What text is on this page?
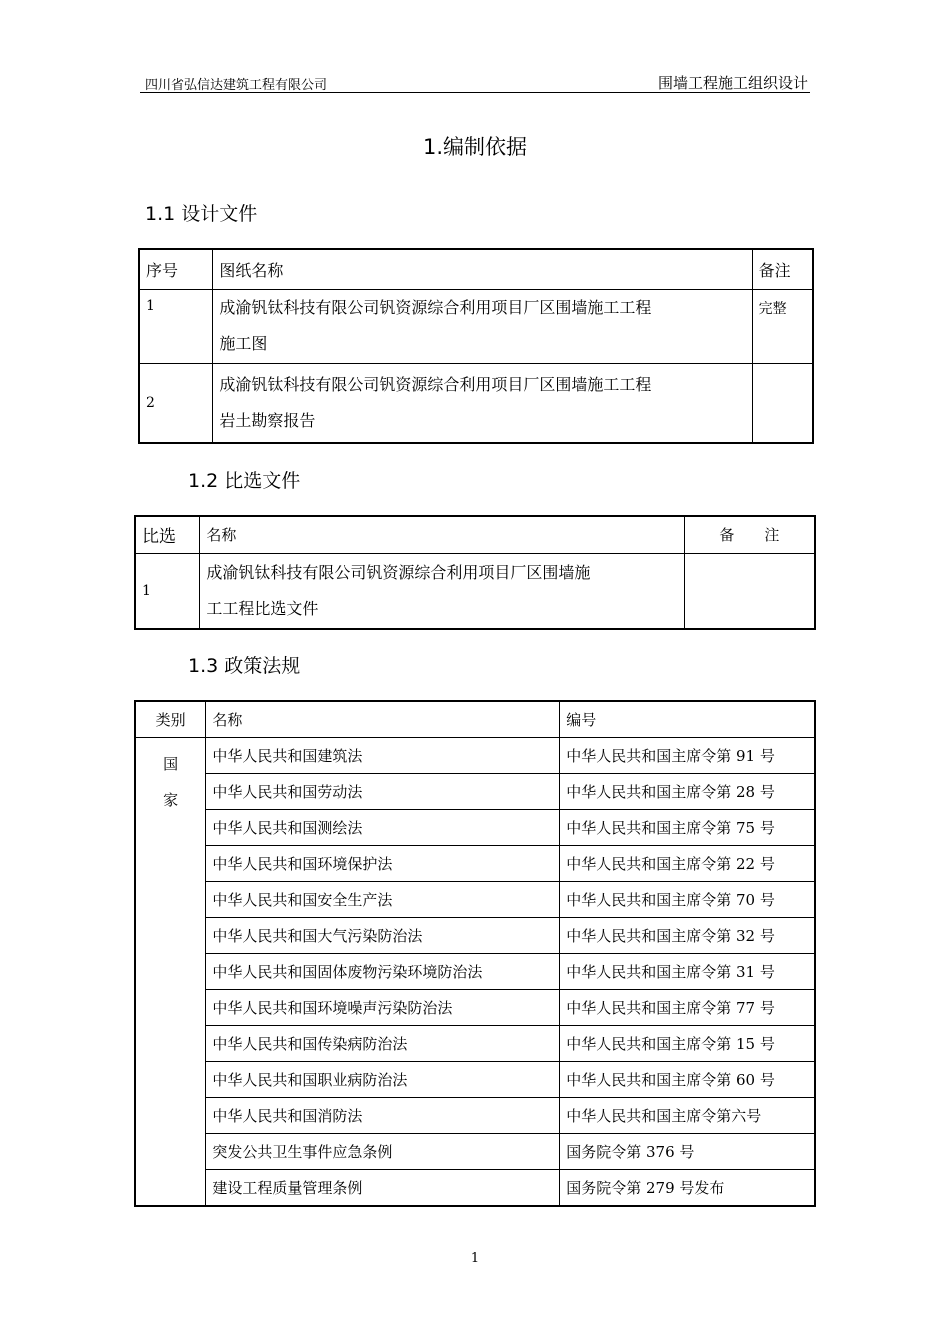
四川省弘信达建筑工程有限公司	围墙工程施工组织设计
1.编制依据
1.1 设计文件
序号	图纸名称	备注
1	成渝钒钛科技有限公司钒资源综合利用项目厂区围墙施工工程
施工图	完整
2	成渝钒钛科技有限公司钒资源综合利用项目厂区围墙施工工程
岩土勘察报告	

1.2 比选文件
比选	名称	备　　注
1	成渝钒钛科技有限公司钒资源综合利用项目厂区围墙施
工工程比选文件	

1.3 政策法规
类别	名称	编号

国
家	中华人民共和国建筑法	中华人民共和国主席令第 91 号
	中华人民共和国劳动法	中华人民共和国主席令第 28 号
	中华人民共和国测绘法	中华人民共和国主席令第 75 号
	中华人民共和国环境保护法	中华人民共和国主席令第 22 号
	中华人民共和国安全生产法	中华人民共和国主席令第 70 号
	中华人民共和国大气污染防治法	中华人民共和国主席令第 32 号
	中华人民共和国固体废物污染环境防治法	中华人民共和国主席令第 31 号
	中华人民共和国环境噪声污染防治法	中华人民共和国主席令第 77 号
	中华人民共和国传染病防治法	中华人民共和国主席令第 15 号
	中华人民共和国职业病防治法	中华人民共和国主席令第 60 号
	中华人民共和国消防法	中华人民共和国主席令第六号
	突发公共卫生事件应急条例	国务院令第 376 号
	建设工程质量管理条例	国务院令第 279 号发布
1
